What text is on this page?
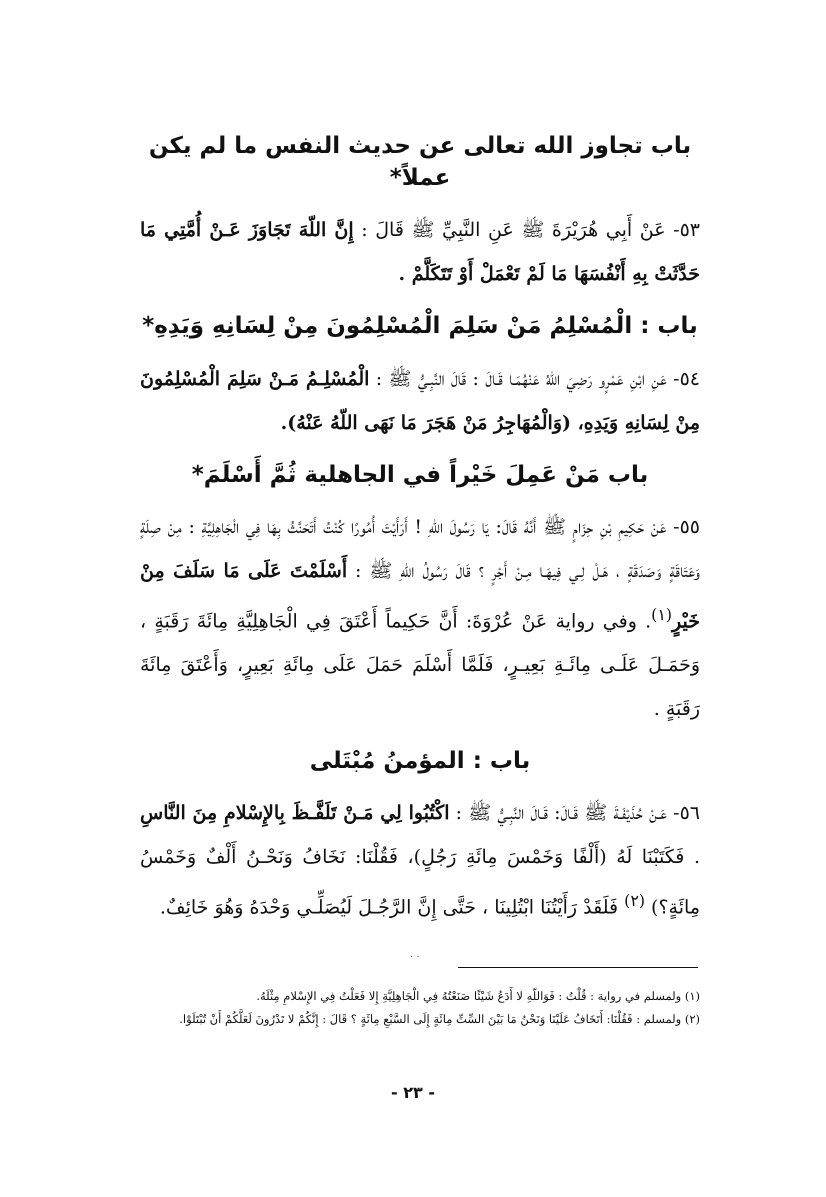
باب تجاوز الله تعالى عن حديث النفس ما لم يكن عملاً*

٥٣- عَنْ أَبِي هُرَيْرَةَ ﷺ عَنِ النَّبِيِّ ﷺ قَالَ : إِنَّ اللّهَ تَجَاوَزَ عَـنْ أُمَّتِي مَا حَدَّثَتْ بِهِ أَنْفُسَهَا مَا لَمْ تَعْمَلْ أَوْ تَتَكَلَّمْ .

باب : الْمُسْلِمُ مَنْ سَلِمَ الْمُسْلِمُونَ مِنْ لِسَانِهِ وَيَدِهِ*

٥٤- عَنِ ابْنِ عَمْرٍو رَضِيَ اللّهُ عَنْهُمَـا قَـالَ : قَالَ النَّبِـيُّ ﷺ : الْمُسْلِـمُ مَـنْ سَلِمَ الْمُسْلِمُونَ مِنْ لِسَانِهِ وَيَدِهِ، (وَالْمُهَاجِرُ مَنْ هَجَرَ مَا نَهَى اللّهُ عَنْهُ).

باب مَنْ عَمِلَ خَيْراً في الجاهلية ثُمَّ أَسْلَمَ*

٥٥- عَنْ حَكِيمِ بْنِ حِزَامٍ ﷺ أَنَّهُ قَالَ: يَا رَسُولَ اللّهِ ! أَرَأَيْتَ أُمُورًا كُنْتُ أَتَحَنَّثُ بِهَا فِي الْجَاهِلِيَّةِ : مِنْ صِلَةٍ وَعَتَاقَةٍ وَصَدَقَةٍ ، هَـلْ لِـي فِيهَـا مِـنْ أَجْرٍ ؟ قَالَ رَسُولُ اللّهِ ﷺ : أَسْلَمْتَ عَلَى مَا سَلَفَ مِنْ خَيْرٍ$^{(١)}$. وفي رواية عَنْ عُرْوَةَ: أَنَّ حَكِيماً أَعْتَقَ فِي الْجَاهِلِيَّةِ مِائَةَ رَقَبَةٍ ، وَحَمَـلَ عَلَـى مِائَـةِ بَعِيـرٍ، فَلَمَّا أَسْلَمَ حَمَلَ عَلَى مِائَةِ بَعِيرٍ، وَأَعْتَقَ مِائَةَ رَقَبَةٍ .

باب : المؤمنُ مُبْتَلى

٥٦- عَـنْ حُذَيْفَـةَ ﷺ قَـالَ: قَـالَ النَّبِـيُّ ﷺ : اكْتُبُوا لِي مَـنْ تَلَفَّـظَ بِالإِسْلامِ مِنَ النَّاسِ . فَكَتَبْنَا لَهُ (أَلْفًا وَخَمْسَ مِائَةِ رَجُلٍ)، فَقُلْنَا: نَخَافُ وَنَحْـنُ أَلْفٌ وَخَمْسُ مِائَةٍ؟) $^{(٢)}$ فَلَقَدْ رَأَيْتُنَا ابْتُلِينَا ، حَتَّى إِنَّ الرَّجُـلَ لَيُصَلِّـي وَحْدَهُ وَهُوَ خَائِفٌ.

· ·

(١) ولمسلم في رواية : قُلْتُ : فَوَاللّهِ لا أَدَعُ شَيْئًا صَنَعْتُهُ فِي الْجَاهِلِيَّةِ إِلا فَعَلْتُ فِي الإِسْلامِ مِثْلَهُ.

(٢) ولمسلم : فَقُلْنَا: أَتَخَافُ عَلَيْنَا وَنَحْنُ مَا بَيْنَ السِّتِّ مِائَةٍ إِلَى السَّبْعِ مِائَةٍ ؟ قَالَ : إِنَّكُمْ لا تَدْرُونَ لَعَلَّكُمْ أَنْ تُبْتَلَوْا.

- ٢٣ -
